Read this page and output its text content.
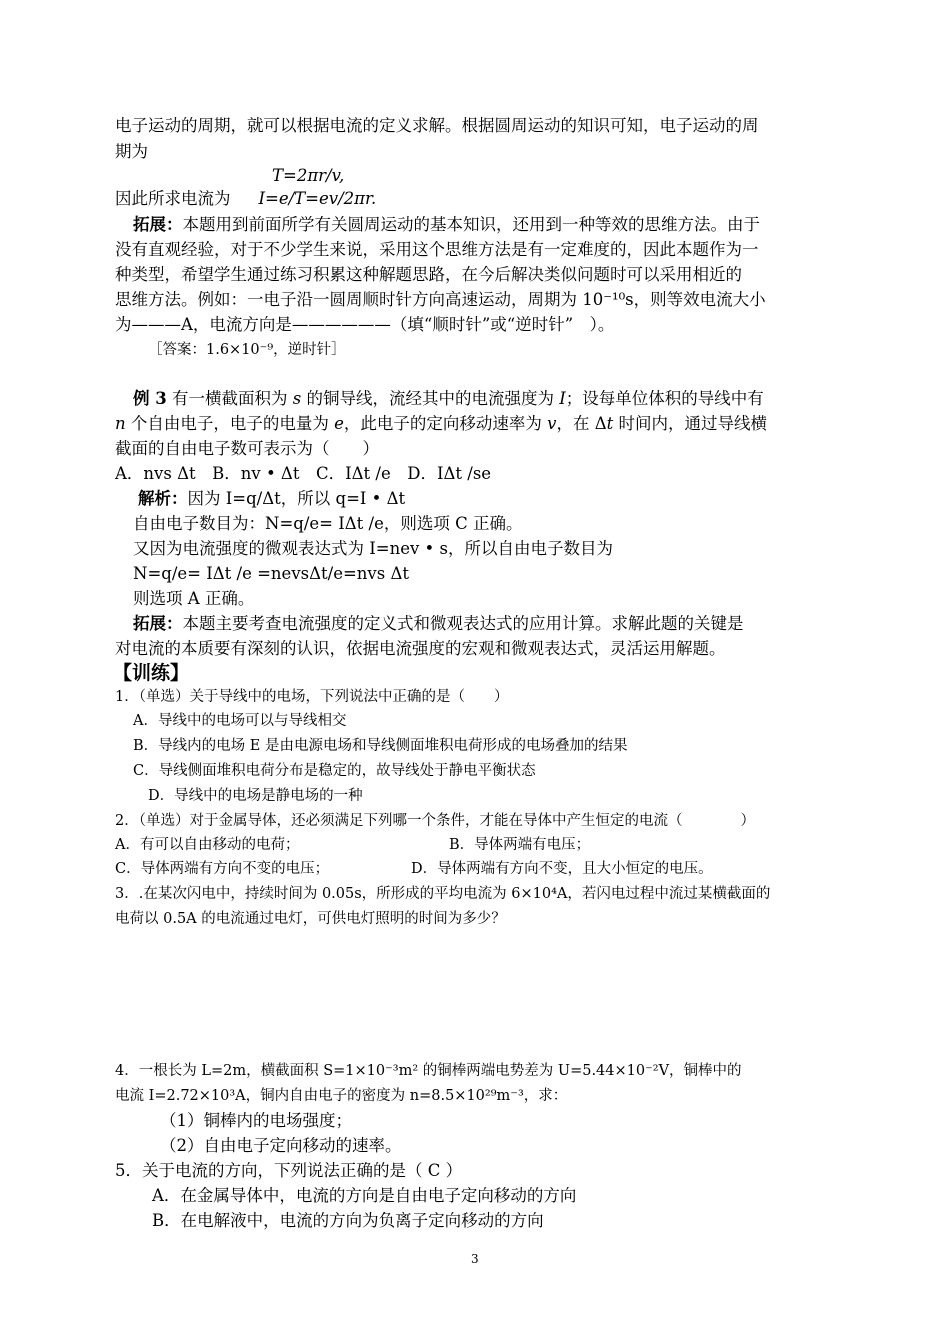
电子运动的周期，就可以根据电流的定义求解。根据圆周运动的知识可知，电子运动的周
期为
T=2πr/v,
因此所求电流为 I=e/T=ev/2πr.
拓展：本题用到前面所学有关圆周运动的基本知识，还用到一种等效的思维方法。由于
没有直观经验，对于不少学生来说，采用这个思维方法是有一定难度的，因此本题作为一
种类型，希望学生通过练习积累这种解题思路，在今后解决类似问题时可以采用相近的
思维方法。例如：一电子沿一圆周顺时针方向高速运动，周期为 10⁻¹⁰s，则等效电流大小
为———A，电流方向是——————（填“顺时针”或“逆时针”　）。
［答案：1.6×10⁻⁹，逆时针］
例 3 有一横截面积为 s 的铜导线，流经其中的电流强度为 I；设每单位体积的导线中有
n 个自由电子，电子的电量为 e，此电子的定向移动速率为 v，在 Δt 时间内，通过导线横
截面的自由电子数可表示为（　　）
A．nvs Δt　B．nv • Δt　C．IΔt /e　D．IΔt /se
解析：因为 I=q/Δt，所以 q=I • Δt
自由电子数目为：N=q/e= IΔt /e，则选项 C 正确。
又因为电流强度的微观表达式为 I=nev • s，所以自由电子数目为
N=q/e= IΔt /e =nevsΔt/e=nvs Δt
则选项 A 正确。
拓展：本题主要考查电流强度的定义式和微观表达式的应用计算。求解此题的关键是
对电流的本质要有深刻的认识，依据电流强度的宏观和微观表达式，灵活运用解题。
【训练】
1．（单选）关于导线中的电场，下列说法中正确的是（　　）
A．导线中的电场可以与导线相交
B．导线内的电场 E 是由电源电场和导线侧面堆积电荷形成的电场叠加的结果
C．导线侧面堆积电荷分布是稳定的，故导线处于静电平衡状态
D．导线中的电场是静电场的一种
2．（单选）对于金属导体，还必须满足下列哪一个条件，才能在导体中产生恒定的电流（　　　　）
A．有可以自由移动的电荷；	B．导体两端有电压；
C．导体两端有方向不变的电压；	D．导体两端有方向不变，且大小恒定的电压。
3．.在某次闪电中，持续时间为 0.05s，所形成的平均电流为 6×10⁴A，若闪电过程中流过某横截面的
电荷以 0.5A 的电流通过电灯，可供电灯照明的时间为多少？
4．一根长为 L=2m，横截面积 S=1×10⁻³m² 的铜棒两端电势差为 U=5.44×10⁻²V，铜棒中的
电流 I=2.72×10³A，铜内自由电子的密度为 n=8.5×10²⁹m⁻³，求：
（1）铜棒内的电场强度；
（2）自由电子定向移动的速率。
5．关于电流的方向，下列说法正确的是（ C ）
A．在金属导体中，电流的方向是自由电子定向移动的方向
B．在电解液中，电流的方向为负离子定向移动的方向
3
